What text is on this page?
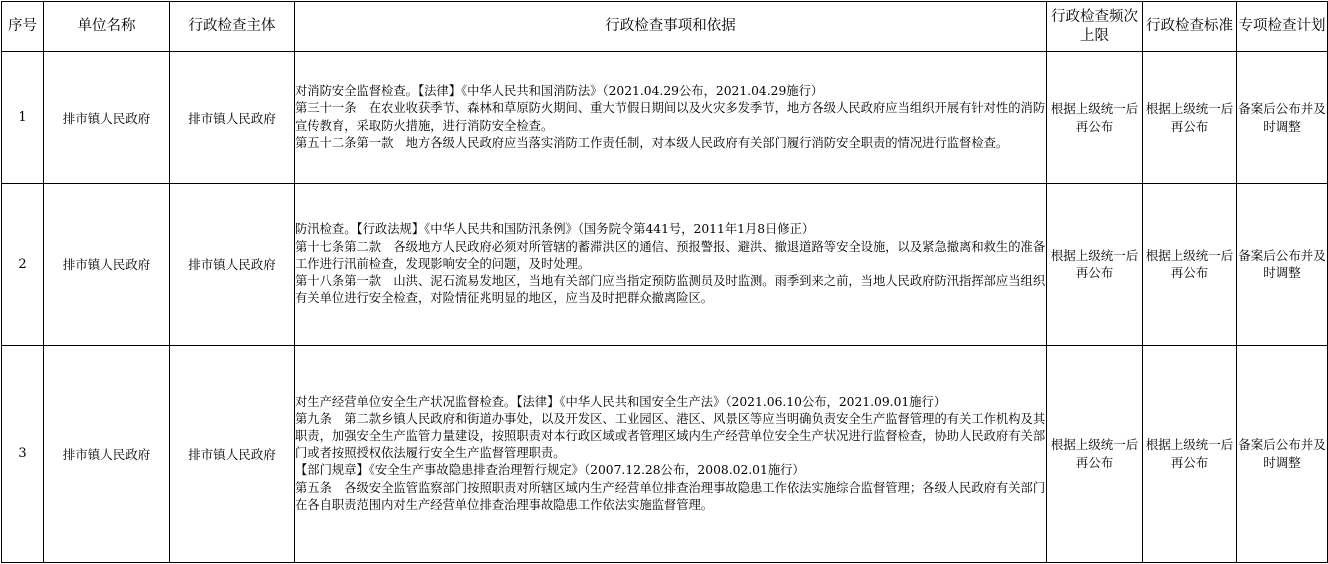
序号	单位名称	行政检查主体	行政检查事项和依据	行政检查频次上限	行政检查标准	专项检查计划
1	排市镇人民政府	排市镇人民政府	对消防安全监督检查。【法律】《中华人民共和国消防法》（2021.04.29公布，2021.04.29施行）
第三十一条　在农业收获季节、森林和草原防火期间、重大节假日期间以及火灾多发季节，地方各级人民政府应当组织开展有针对性的消防宣传教育，采取防火措施，进行消防安全检查。
第五十二条第一款　地方各级人民政府应当落实消防工作责任制，对本级人民政府有关部门履行消防安全职责的情况进行监督检查。	根据上级统一后再公布	根据上级统一后再公布	备案后公布并及时调整
2	排市镇人民政府	排市镇人民政府	防汛检查。【行政法规】《中华人民共和国防汛条例》（国务院令第441号，2011年1月8日修正）
第十七条第二款　各级地方人民政府必须对所管辖的蓄滞洪区的通信、预报警报、避洪、撤退道路等安全设施，以及紧急撤离和救生的准备工作进行汛前检查，发现影响安全的问题，及时处理。
第十八条第一款　山洪、泥石流易发地区，当地有关部门应当指定预防监测员及时监测。雨季到来之前，当地人民政府防汛指挥部应当组织有关单位进行安全检查，对险情征兆明显的地区，应当及时把群众撤离险区。	根据上级统一后再公布	根据上级统一后再公布	备案后公布并及时调整
3	排市镇人民政府	排市镇人民政府	对生产经营单位安全生产状况监督检查。【法律】《中华人民共和国安全生产法》（2021.06.10公布，2021.09.01施行）
第九条　第二款乡镇人民政府和街道办事处，以及开发区、工业园区、港区、风景区等应当明确负责安全生产监督管理的有关工作机构及其职责，加强安全生产监管力量建设，按照职责对本行政区域或者管理区域内生产经营单位安全生产状况进行监督检查，协助人民政府有关部门或者按照授权依法履行安全生产监督管理职责。
【部门规章】《安全生产事故隐患排查治理暂行规定》（2007.12.28公布，2008.02.01施行）
第五条　各级安全监管监察部门按照职责对所辖区域内生产经营单位排查治理事故隐患工作依法实施综合监督管理；各级人民政府有关部门在各自职责范围内对生产经营单位排查治理事故隐患工作依法实施监督管理。	根据上级统一后再公布	根据上级统一后再公布	备案后公布并及时调整
